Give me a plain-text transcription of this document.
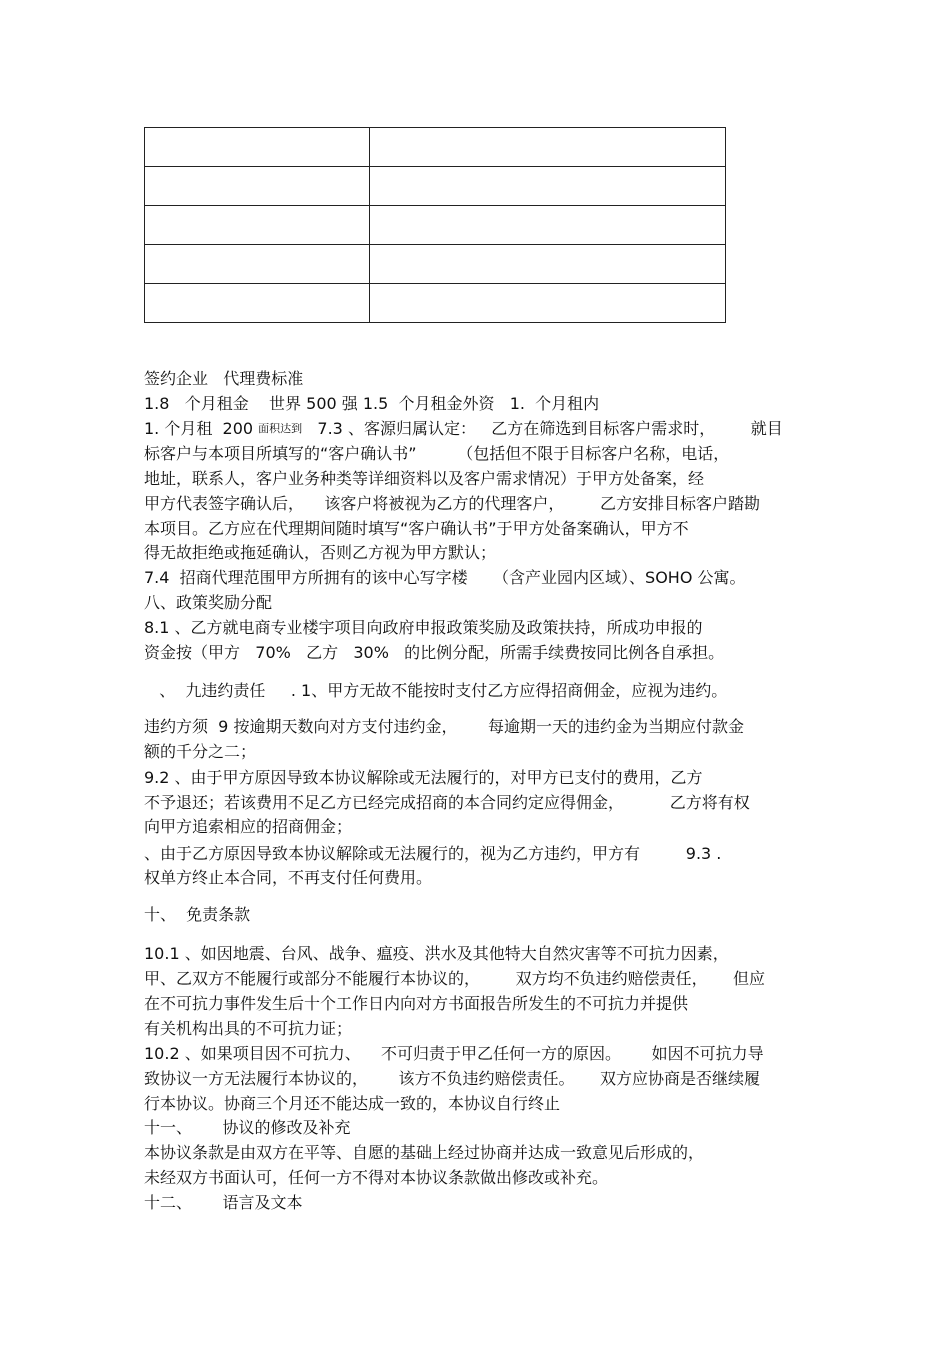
签约企业   代理费标准
1.8   个月租金    世界 500 强 1.5  个月租金外资   1.  个月租内
1. 个月租  200 面积达到   7.3 、客源归属认定：   乙方在筛选到目标客户需求时，       就目
标客户与本项目所填写的“客户确认书”        （包括但不限于目标客户名称，电话，
地址，联系人，客户业务种类等详细资料以及客户需求情况）于甲方处备案，经
甲方代表签字确认后，    该客户将被视为乙方的代理客户，       乙方安排目标客户踏勘
本项目。乙方应在代理期间随时填写“客户确认书”于甲方处备案确认，甲方不
得无故拒绝或拖延确认，否则乙方视为甲方默认；
7.4  招商代理范围甲方所拥有的该中心写字楼     （含产业园内区域）、SOHO 公寓。
八、政策奖励分配
8.1 、乙方就电商专业楼宇项目向政府申报政策奖励及政策扶持，所成功申报的
资金按（甲方   70%   乙方   30%   的比例分配，所需手续费按同比例各自承担。
、  九违约责任     . 1、甲方无故不能按时支付乙方应得招商佣金，应视为违约。
违约方须  9 按逾期天数向对方支付违约金，      每逾期一天的违约金为当期应付款金
额的千分之二；
9.2 、由于甲方原因导致本协议解除或无法履行的，对甲方已支付的费用，乙方
不予退还；若该费用不足乙方已经完成招商的本合同约定应得佣金，         乙方将有权
向甲方追索相应的招商佣金；
、由于乙方原因导致本协议解除或无法履行的，视为乙方违约，甲方有         9.3 .
权单方终止本合同，不再支付任何费用。
十、  免责条款
10.1 、如因地震、台风、战争、瘟疫、洪水及其他特大自然灾害等不可抗力因素，
甲、乙双方不能履行或部分不能履行本协议的，       双方均不负违约赔偿责任，     但应
在不可抗力事件发生后十个工作日内向对方书面报告所发生的不可抗力并提供
有关机构出具的不可抗力证；
10.2 、如果项目因不可抗力、    不可归责于甲乙任何一方的原因。      如因不可抗力导
致协议一方无法履行本协议的，      该方不负违约赔偿责任。     双方应协商是否继续履
行本协议。协商三个月还不能达成一致的，本协议自行终止
十一、      协议的修改及补充
本协议条款是由双方在平等、自愿的基础上经过协商并达成一致意见后形成的，
未经双方书面认可，任何一方不得对本协议条款做出修改或补充。
十二、      语言及文本
